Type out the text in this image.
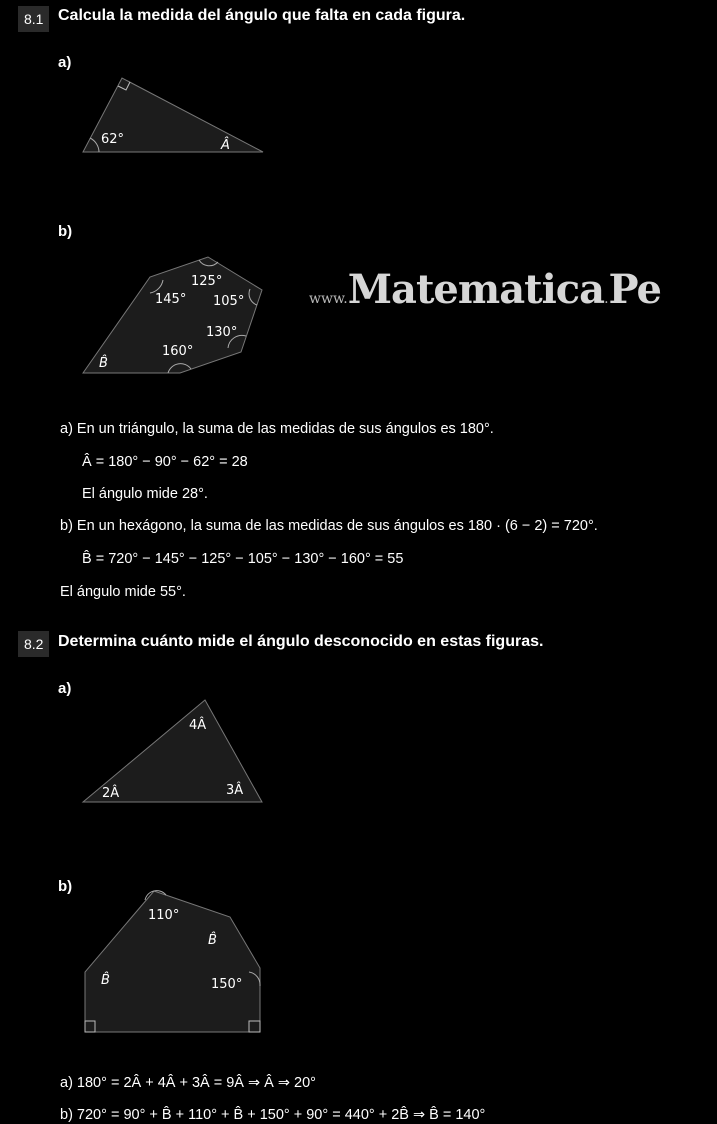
8.1 Calcula la medida del ángulo que falta en cada figura.
a)
62°	Â
125°
145° 105°
130°
160°
B̂
4Â
2Â	3Â
110°
B̂
B̂	150°
b)
www.Matematica.Pe
a) En un triángulo, la suma de las medidas de sus ángulos es 180°.
Â = 180° − 90° − 62° = 28
El ángulo mide 28°.
b) En un hexágono, la suma de las medidas de sus ángulos es 180 · (6 − 2) = 720°.
B̂ = 720° − 145° − 125° − 105° − 130° − 160° = 55
El ángulo mide 55°.
8.2 Determina cuánto mide el ángulo desconocido en estas figuras.
a)
b)
a) 180° = 2Â + 4Â + 3Â = 9Â ⇒ Â ⇒ 20°
b) 720° = 90° + B̂ + 110° + B̂ + 150° + 90° = 440° + 2B̂ ⇒ B̂ = 140°
